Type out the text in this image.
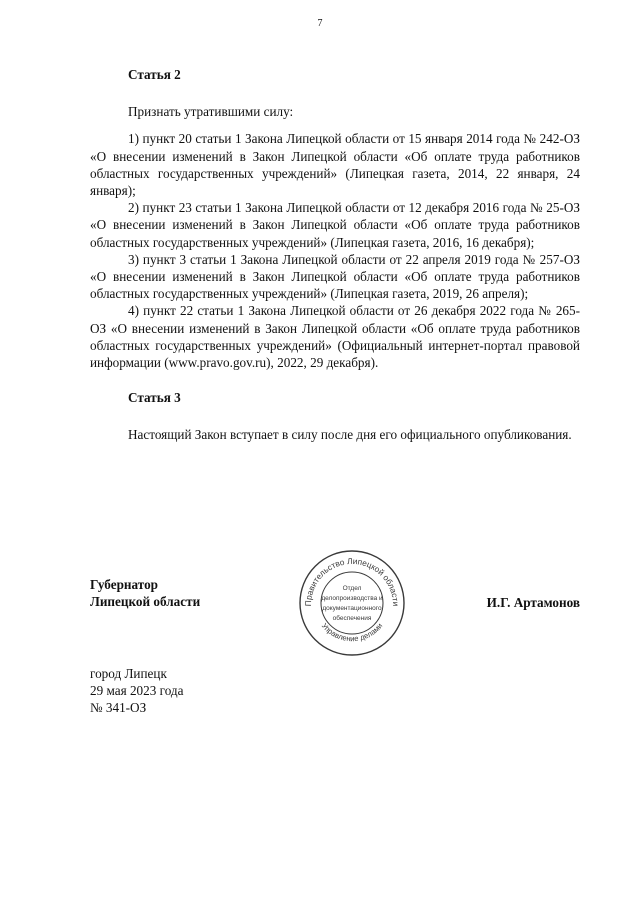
7
Статья 2

Признать утратившими силу:

1) пункт 20 статьи 1 Закона Липецкой области от 15 января 2014 года № 242-ОЗ «О внесении изменений в Закон Липецкой области «Об оплате труда работников областных государственных учреждений» (Липецкая газета, 2014, 22 января, 24 января);

2) пункт 23 статьи 1 Закона Липецкой области от 12 декабря 2016 года № 25-ОЗ «О внесении изменений в Закон Липецкой области «Об оплате труда работников областных государственных учреждений» (Липецкая газета, 2016, 16 декабря);

3) пункт 3 статьи 1 Закона Липецкой области от 22 апреля 2019 года № 257-ОЗ «О внесении изменений в Закон Липецкой области «Об оплате труда работников областных государственных учреждений» (Липецкая газета, 2019, 26 апреля);

4) пункт 22 статьи 1 Закона Липецкой области от 26 декабря 2022 года № 265-ОЗ «О внесении изменений в Закон Липецкой области «Об оплате труда работников областных государственных учреждений» (Официальный интернет-портал правовой информации (www.pravo.gov.ru), 2022, 29 декабря).

Статья 3

Настоящий Закон вступает в силу после дня его официального опубликования.

Губернатор
Липецкой области	И.Г. Артамонов
Правительство Липецкой области
Управление делами
Отдел
делопроизводства и
документационного
обеспечения
город Липецк
29 мая 2023 года
№ 341-ОЗ
